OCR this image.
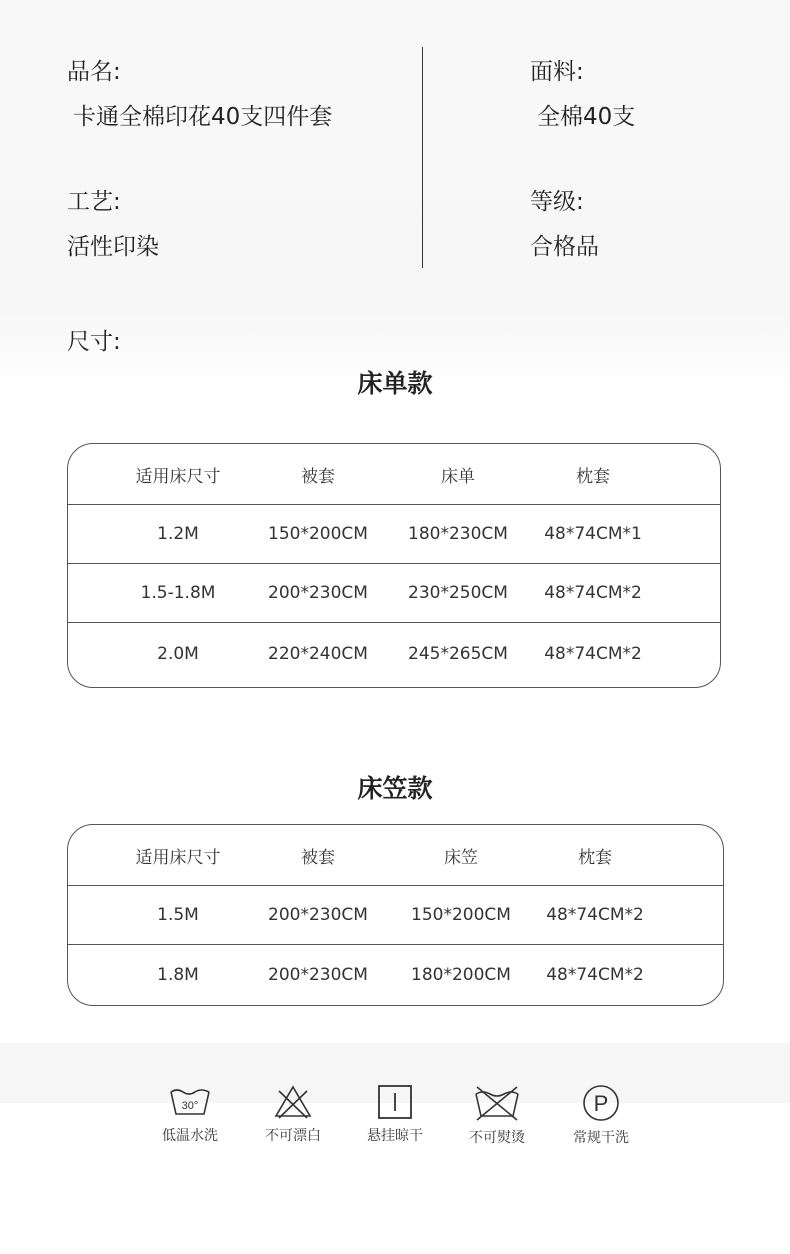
品名:
卡通全棉印花40支四件套
面料:
全棉40支
工艺:
活性印染
等级:
合格品
尺寸:
床单款
适用床尺寸	被套	床单	枕套
1.2M	150*200CM	180*230CM	48*74CM*1
1.5-1.8M	200*230CM	230*250CM	48*74CM*2
2.0M	220*240CM	245*265CM	48*74CM*2
床笠款
适用床尺寸	被套	床笠	枕套
1.5M	200*230CM	150*200CM	48*74CM*2
1.8M	200*230CM	180*200CM	48*74CM*2
30°
低温水洗	不可漂白	悬挂晾干	不可熨烫
P
常规干洗
